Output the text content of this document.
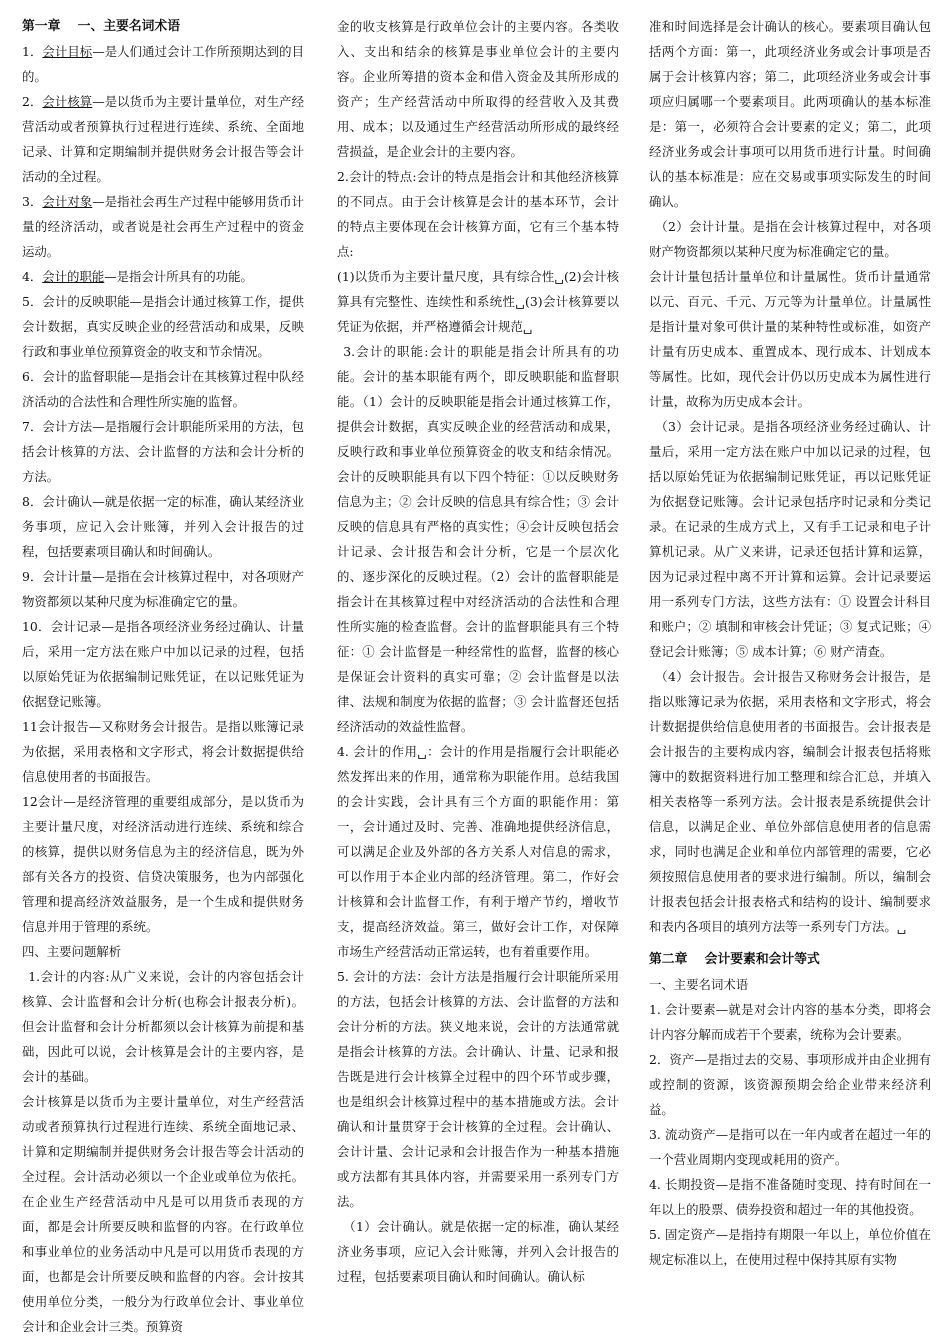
第一章 　一、主要名词术语

1．会计目标—是人们通过会计工作所预期达到的目的。

2．会计核算—是以货币为主要计量单位，对生产经营活动或者预算执行过程进行连续、系统、全面地记录、计算和定期编制并提供财务会计报告等会计活动的全过程。

3．会计对象—是指社会再生产过程中能够用货币计量的经济活动，或者说是社会再生产过程中的资金运动。

4．会计的职能—是指会计所具有的功能。

5．会计的反映职能—是指会计通过核算工作，提供会计数据，真实反映企业的经营活动和成果，反映行政和事业单位预算资金的收支和节余情况。

6．会计的监督职能—是指会计在其核算过程中队经济活动的合法性和合理性所实施的监督。

7．会计方法—是指履行会计职能所采用的方法，包括会计核算的方法、会计监督的方法和会计分析的方法。

8．会计确认—就是依据一定的标准，确认某经济业务事项，应记入会计账簿，并列入会计报告的过程，包括要素项目确认和时间确认。

9．会计计量—是指在会计核算过程中，对各项财产物资都须以某种尺度为标准确定它的量。

10．会计记录—是指各项经济业务经过确认、计量后，采用一定方法在账户中加以记录的过程，包括以原始凭证为依据编制记账凭证，在以记账凭证为依据登记账簿。

11会计报告—又称财务会计报告。是指以账簿记录为依据，采用表格和文字形式，将会计数据提供给信息使用者的书面报告。

12会计—是经济管理的重要组成部分，是以货币为主要计量尺度，对经济活动进行连续、系统和综合的核算，提供以财务信息为主的经济信息，既为外部有关各方的投资、信贷决策服务，也为内部强化管理和提高经济效益服务，是一个生成和提供财务信息并用于管理的系统。

四、主要问题解析

1.会计的内容:从广义来说，会计的内容包括会计核算、会计监督和会计分析(也称会计报表分析)。但会计监督和会计分析都须以会计核算为前提和基础，因此可以说，会计核算是会计的主要内容，是会计的基础。

会计核算是以货币为主要计量单位，对生产经营活动或者预算执行过程进行连续、系统全面地记录、计算和定期编制并提供财务会计报告等会计活动的全过程。会计活动必须以一个企业或单位为依托。在企业生产经营活动中凡是可以用货币表现的方面，都是会计所要反映和监督的内容。在行政单位和事业单位的业务活动中凡是可以用货币表现的方面，也都是会计所要反映和监督的内容。会计按其使用单位分类，一般分为行政单位会计、事业单位会计和企业会计三类。预算资

金的收支核算是行政单位会计的主要内容。各类收入、支出和结余的核算是事业单位会计的主要内容。企业所筹措的资本金和借入资金及其所形成的资产；生产经营活动中所取得的经营收入及其费用、成本；以及通过生产经营活动所形成的最终经营损益，是企业会计的主要内容。

2.会计的特点:会计的特点是指会计和其他经济核算的不同点。由于会计核算是会计的基本环节，会计的特点主要体现在会计核算方面，它有三个基本特点:

(1)以货币为主要计量尺度，具有综合性␣(2)会计核算具有完整性、连续性和系统性␣(3)会计核算要以凭证为依据，并严格遵循会计规范␣

3.会计的职能:会计的职能是指会计所具有的功能。会计的基本职能有两个，即反映职能和监督职能。（1）会计的反映职能是指会计通过核算工作，提供会计数据，真实反映企业的经营活动和成果，反映行政和事业单位预算资金的收支和结余情况。会计的反映职能具有以下四个特征：①以反映财务信息为主；② 会计反映的信息具有综合性；③ 会计反映的信息具有严格的真实性；④会计反映包括会计记录、会计报告和会计分析，它是一个层次化的、逐步深化的反映过程。（2）会计的监督职能是指会计在其核算过程中对经济活动的合法性和合理性所实施的检查监督。会计的监督职能具有三个特征：① 会计监督是一种经常性的监督，监督的核心是保证会计资料的真实可靠；② 会计监督是以法律、法规和制度为依据的监督；③ 会计监督还包括经济活动的效益性监督。

4. 会计的作用␣：会计的作用是指履行会计职能必然发挥出来的作用，通常称为职能作用。总结我国的会计实践，会计具有三个方面的职能作用：第一，会计通过及时、完善、准确地提供经济信息，可以满足企业及外部的各方关系人对信息的需求，可以作用于本企业内部的经济管理。第二，作好会计核算和会计监督工作，有利于增产节约，增收节支，提高经济效益。第三，做好会计工作，对保障市场生产经营活动正常运转，也有着重要作用。

5. 会计的方法：会计方法是指履行会计职能所采用的方法，包括会计核算的方法、会计监督的方法和会计分析的方法。狭义地来说，会计的方法通常就是指会计核算的方法。会计确认、计量、记录和报告既是进行会计核算全过程中的四个环节或步骤，也是组织会计核算过程中的基本措施或方法。会计确认和计量贯穿于会计核算的全过程。会计确认、会计计量、会计记录和会计报告作为一种基本措施或方法都有其具体内容，并需要采用一系列专门方法。

（1）会计确认。就是依据一定的标准，确认某经济业务事项，应记入会计账簿，并列入会计报告的过程，包括要素项目确认和时间确认。确认标

准和时间选择是会计确认的核心。要素项目确认包括两个方面：第一，此项经济业务或会计事项是否属于会计核算内容；第二，此项经济业务或会计事项应归属哪一个要素项目。此两项确认的基本标准是：第一，必须符合会计要素的定义；第二，此项经济业务或会计事项可以用货币进行计量。时间确认的基本标准是：应在交易或事项实际发生的时间确认。

（2）会计计量。是指在会计核算过程中，对各项财产物资都须以某种尺度为标准确定它的量。

会计计量包括计量单位和计量属性。货币计量通常以元、百元、千元、万元等为计量单位。计量属性是指计量对象可供计量的某种特性或标准，如资产计量有历史成本、重置成本、现行成本、计划成本等属性。比如，现代会计仍以历史成本为属性进行计量，故称为历史成本会计。

（3）会计记录。是指各项经济业务经过确认、计量后，采用一定方法在账户中加以记录的过程，包括以原始凭证为依据编制记账凭证，再以记账凭证为依据登记账簿。会计记录包括序时记录和分类记录。在记录的生成方式上，又有手工记录和电子计算机记录。从广义来讲，记录还包括计算和运算，因为记录过程中离不开计算和运算。会计记录要运用一系列专门方法，这些方法有：① 设置会计科目和账户；② 填制和审核会计凭证；③ 复式记账；④ 登记会计账簿；⑤ 成本计算；⑥ 财产清查。

（4）会计报告。会计报告又称财务会计报告，是指以账簿记录为依据，采用表格和文字形式，将会计数据提供给信息使用者的书面报告。会计报表是会计报告的主要构成内容，编制会计报表包括将账簿中的数据资料进行加工整理和综合汇总，并填入相关表格等一系列方法。会计报表是系统提供会计信息，以满足企业、单位外部信息使用者的信息需求，同时也满足企业和单位内部管理的需要，它必须按照信息使用者的要求进行编制。所以，编制会计报表包括会计报表格式和结构的设计、编制要求和表内各项目的填列方法等一系列专门方法。␣

第二章 　会计要素和会计等式

一、主要名词术语

1. 会计要素—就是对会计内容的基本分类，即将会计内容分解而成若干个要素，统称为会计要素。

2．资产—是指过去的交易、事项形成并由企业拥有或控制的资源，该资源预期会给企业带来经济利益。

3. 流动资产—是指可以在一年内或者在超过一年的一个营业周期内变现或耗用的资产。

4. 长期投资—是指不准备随时变现、持有时间在一年以上的股票、债券投资和超过一年的其他投资。

5. 固定资产—是指持有期限一年以上，单位价值在规定标准以上，在使用过程中保持其原有实物
